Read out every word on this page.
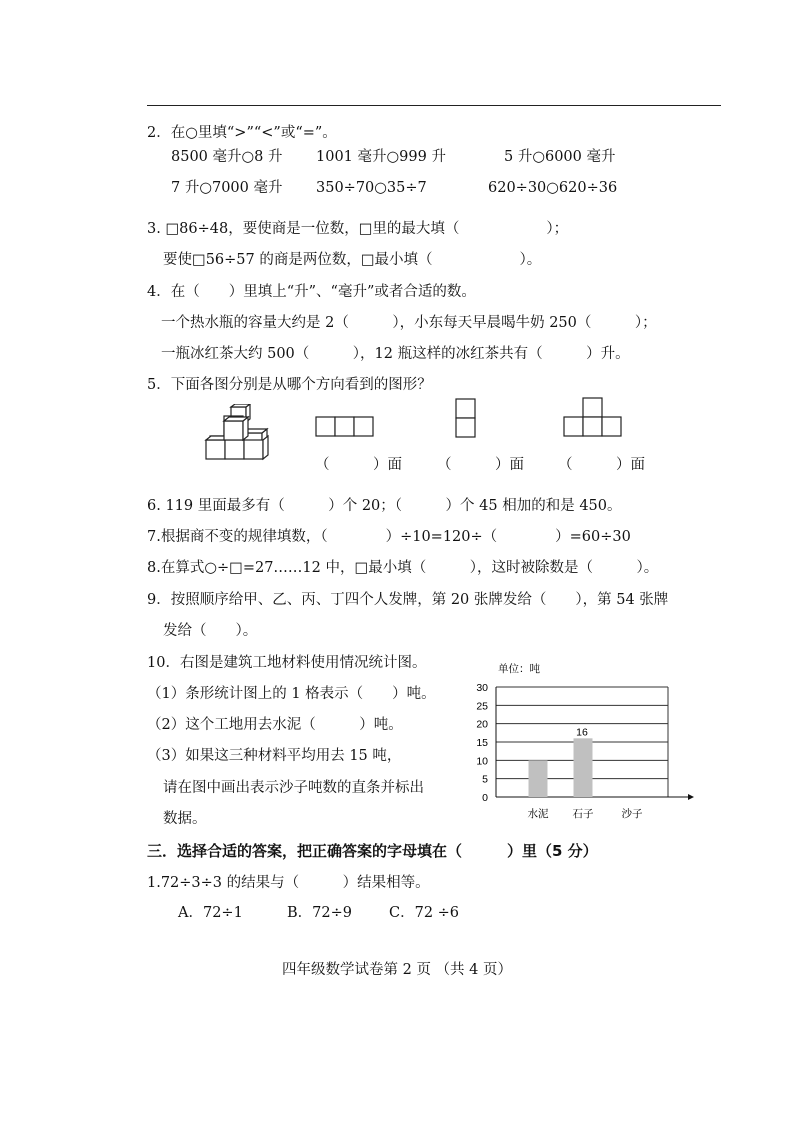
2．在○里填“>”“<”或“=”。
8500 毫升○8 升 1001 毫升○999 升	5 升○6000 毫升
7 升○7000 毫升 350÷70○35÷7	620÷30○620÷36
3. □86÷48，要使商是一位数，□里的最大填（　　　　　　）；
要使□56÷57 的商是两位数，□最小填（　　　　　　）。
4．在（　　）里填上“升”、“毫升”或者合适的数。
一个热水瓶的容量大约是 2（　　　），小东每天早晨喝牛奶 250（　　　）；
一瓶冰红茶大约 500（　　　），12 瓶这样的冰红茶共有（　　　）升。
5．下面各图分别是从哪个方向看到的图形？
（　　　）面 （　　　）面 （　　　）面
6. 119 里面最多有（　　　）个 20；（　　　）个 45 相加的和是 450。
7.根据商不变的规律填数，（　　　　）÷10=120÷（　　　　）=60÷30
8.在算式○÷□=27……12 中，□最小填（　　　），这时被除数是（　　　）。
9．按照顺序给甲、乙、丙、丁四个人发牌，第 20 张牌发给（　　），第 54 张牌
发给（　　）。
10．右图是建筑工地材料使用情况统计图。
（1）条形统计图上的 1 格表示（　　）吨。
（2）这个工地用去水泥（　　　）吨。
（3）如果这三种材料平均用去 15 吨，
请在图中画出表示沙子吨数的直条并标出
数据。
单位：吨
0
5
10
15
20
25
30
水泥
16
石子	沙子
三．选择合适的答案，把正确答案的字母填在（　　　）里（5 分）
1.72÷3÷3 的结果与（　　　）结果相等。
A．72÷1	B．72÷9	C．72 ÷6
四年级数学试卷第 2 页 （共 4 页）
